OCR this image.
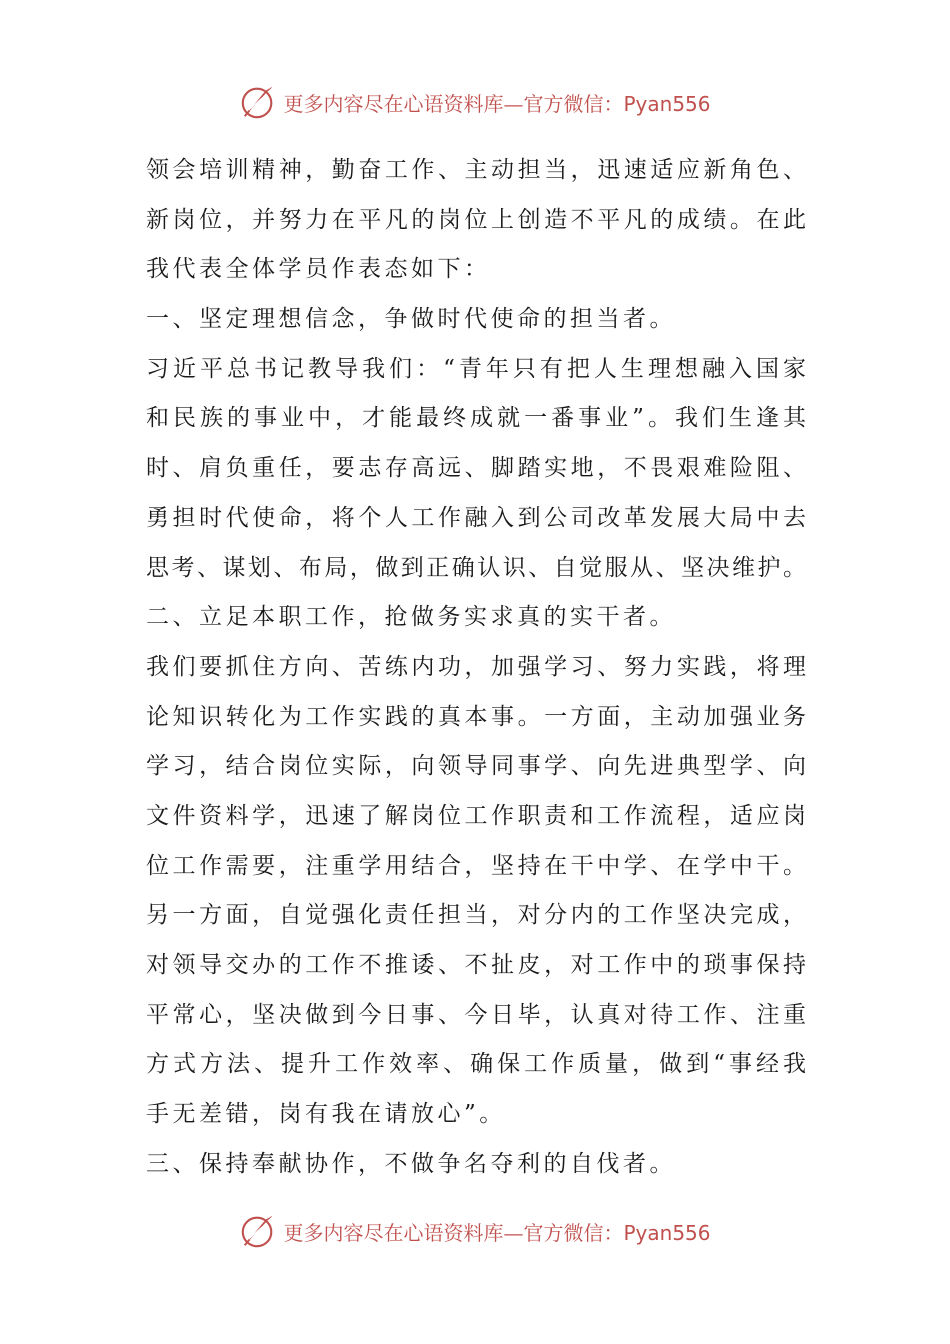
更多内容尽在心语资料库—官方微信：Pyan556
领会培训精神，勤奋工作、主动担当，迅速适应新角色、
新岗位，并努力在平凡的岗位上创造不平凡的成绩。在此
我代表全体学员作表态如下：
一、坚定理想信念，争做时代使命的担当者。
习近平总书记教导我们：“青年只有把人生理想融入国家
和民族的事业中，才能最终成就一番事业”。我们生逢其
时、肩负重任，要志存高远、脚踏实地，不畏艰难险阻、
勇担时代使命，将个人工作融入到公司改革发展大局中去
思考、谋划、布局，做到正确认识、自觉服从、坚决维护。
二、立足本职工作，抢做务实求真的实干者。
我们要抓住方向、苦练内功，加强学习、努力实践，将理
论知识转化为工作实践的真本事。一方面，主动加强业务
学习，结合岗位实际，向领导同事学、向先进典型学、向
文件资料学，迅速了解岗位工作职责和工作流程，适应岗
位工作需要，注重学用结合，坚持在干中学、在学中干。
另一方面，自觉强化责任担当，对分内的工作坚决完成，
对领导交办的工作不推诿、不扯皮，对工作中的琐事保持
平常心，坚决做到今日事、今日毕，认真对待工作、注重
方式方法、提升工作效率、确保工作质量，做到“事经我
手无差错，岗有我在请放心”。
三、保持奉献协作，不做争名夺利的自伐者。
更多内容尽在心语资料库—官方微信：Pyan556
